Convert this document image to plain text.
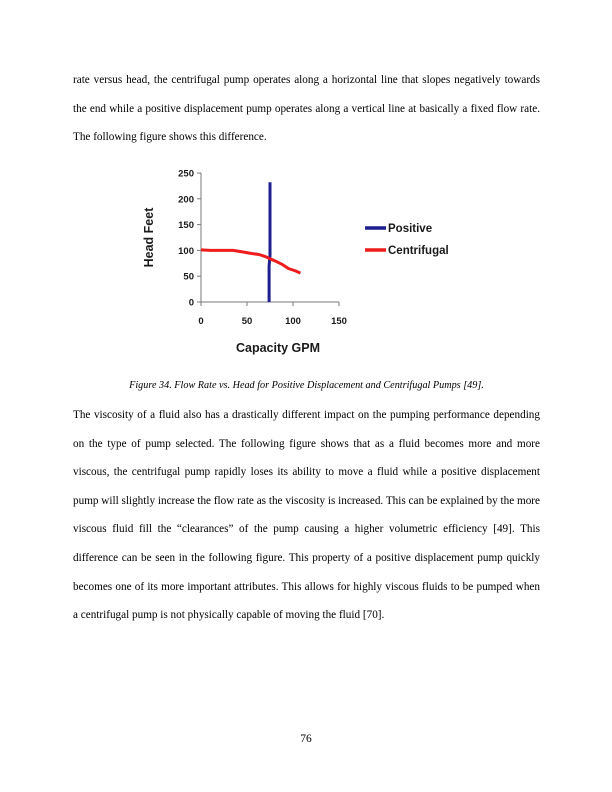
rate versus head, the centrifugal pump operates along a horizontal line that slopes negatively towards the end while a positive displacement pump operates along a vertical line at basically a fixed flow rate. The following figure shows this difference.

0
50
100
150
200
250
0	50	100	150
Capacity GPM
Head Feet	Positive
Centrifugal

Figure 34. Flow Rate vs. Head for Positive Displacement and Centrifugal Pumps [49].

The viscosity of a fluid also has a drastically different impact on the pumping performance depending on the type of pump selected. The following figure shows that as a fluid becomes more and more viscous, the centrifugal pump rapidly loses its ability to move a fluid while a positive displacement pump will slightly increase the flow rate as the viscosity is increased. This can be explained by the more viscous fluid fill the “clearances” of the pump causing a higher volumetric efficiency [49]. This difference can be seen in the following figure. This property of a positive displacement pump quickly becomes one of its more important attributes. This allows for highly viscous fluids to be pumped when a centrifugal pump is not physically capable of moving the fluid [70].

76
